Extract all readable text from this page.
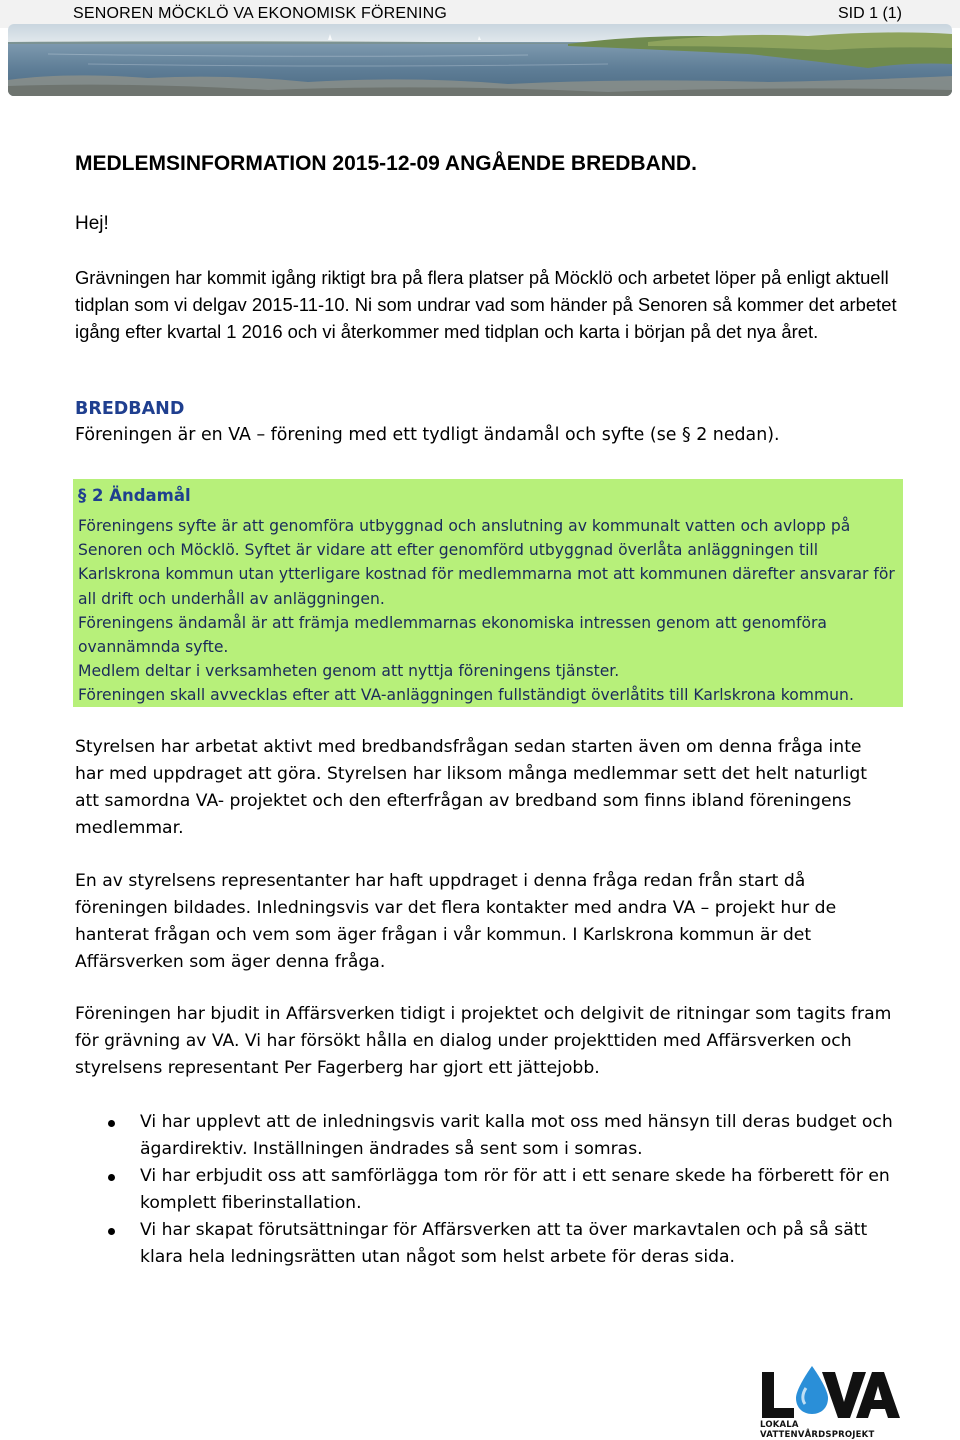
SENOREN MÖCKLÖ VA EKONOMISK FÖRENING	SID 1 (1)
MEDLEMSINFORMATION 2015-12-09 ANGÅENDE BREDBAND.
Hej!
Grävningen har kommit igång riktigt bra på flera platser på Möcklö och arbetet löper på enligt aktuell tidplan som vi delgav 2015-11-10. Ni som undrar vad som händer på Senoren så kommer det arbetet igång efter kvartal 1 2016 och vi återkommer med tidplan och karta i början på det nya året.
BREDBAND
Föreningen är en VA – förening med ett tydligt ändamål och syfte (se § 2 nedan).
§ 2 Ändamål

Föreningens syfte är att genomföra utbyggnad och anslutning av kommunalt vatten och avlopp på Senoren och Möcklö. Syftet är vidare att efter genomförd utbyggnad överlåta anläggningen till Karlskrona kommun utan ytterligare kostnad för medlemmarna mot att kommunen därefter ansvarar för all drift och underhåll av anläggningen.

Föreningens ändamål är att främja medlemmarnas ekonomiska intressen genom att genomföra ovannämnda syfte.

Medlem deltar i verksamheten genom att nyttja föreningens tjänster.

Föreningen skall avvecklas efter att VA-anläggningen fullständigt överlåtits till Karlskrona kommun.

Styrelsen har arbetat aktivt med bredbandsfrågan sedan starten även om denna fråga inte har med uppdraget att göra. Styrelsen har liksom många medlemmar sett det helt naturligt att samordna VA- projektet och den efterfrågan av bredband som finns ibland föreningens medlemmar.
En av styrelsens representanter har haft uppdraget i denna fråga redan från start då föreningen bildades. Inledningsvis var det flera kontakter med andra VA – projekt hur de hanterat frågan och vem som äger frågan i vår kommun. I Karlskrona kommun är det Affärsverken som äger denna fråga.
Föreningen har bjudit in Affärsverken tidigt i projektet och delgivit de ritningar som tagits fram för grävning av VA. Vi har försökt hålla en dialog under projekttiden med Affärsverken och styrelsens representant Per Fagerberg har gjort ett jättejobb.
Vi har upplevt att de inledningsvis varit kalla mot oss med hänsyn till deras budget och ägardirektiv. Inställningen ändrades så sent som i somras.
Vi har erbjudit oss att samförlägga tom rör för att i ett senare skede ha förberett för en komplett fiberinstallation.
Vi har skapat förutsättningar för Affärsverken att ta över markavtalen och på så sätt klara hela ledningsrätten utan något som helst arbete för deras sida.
LOKALA VATTENVÅRDSPROJEKT
